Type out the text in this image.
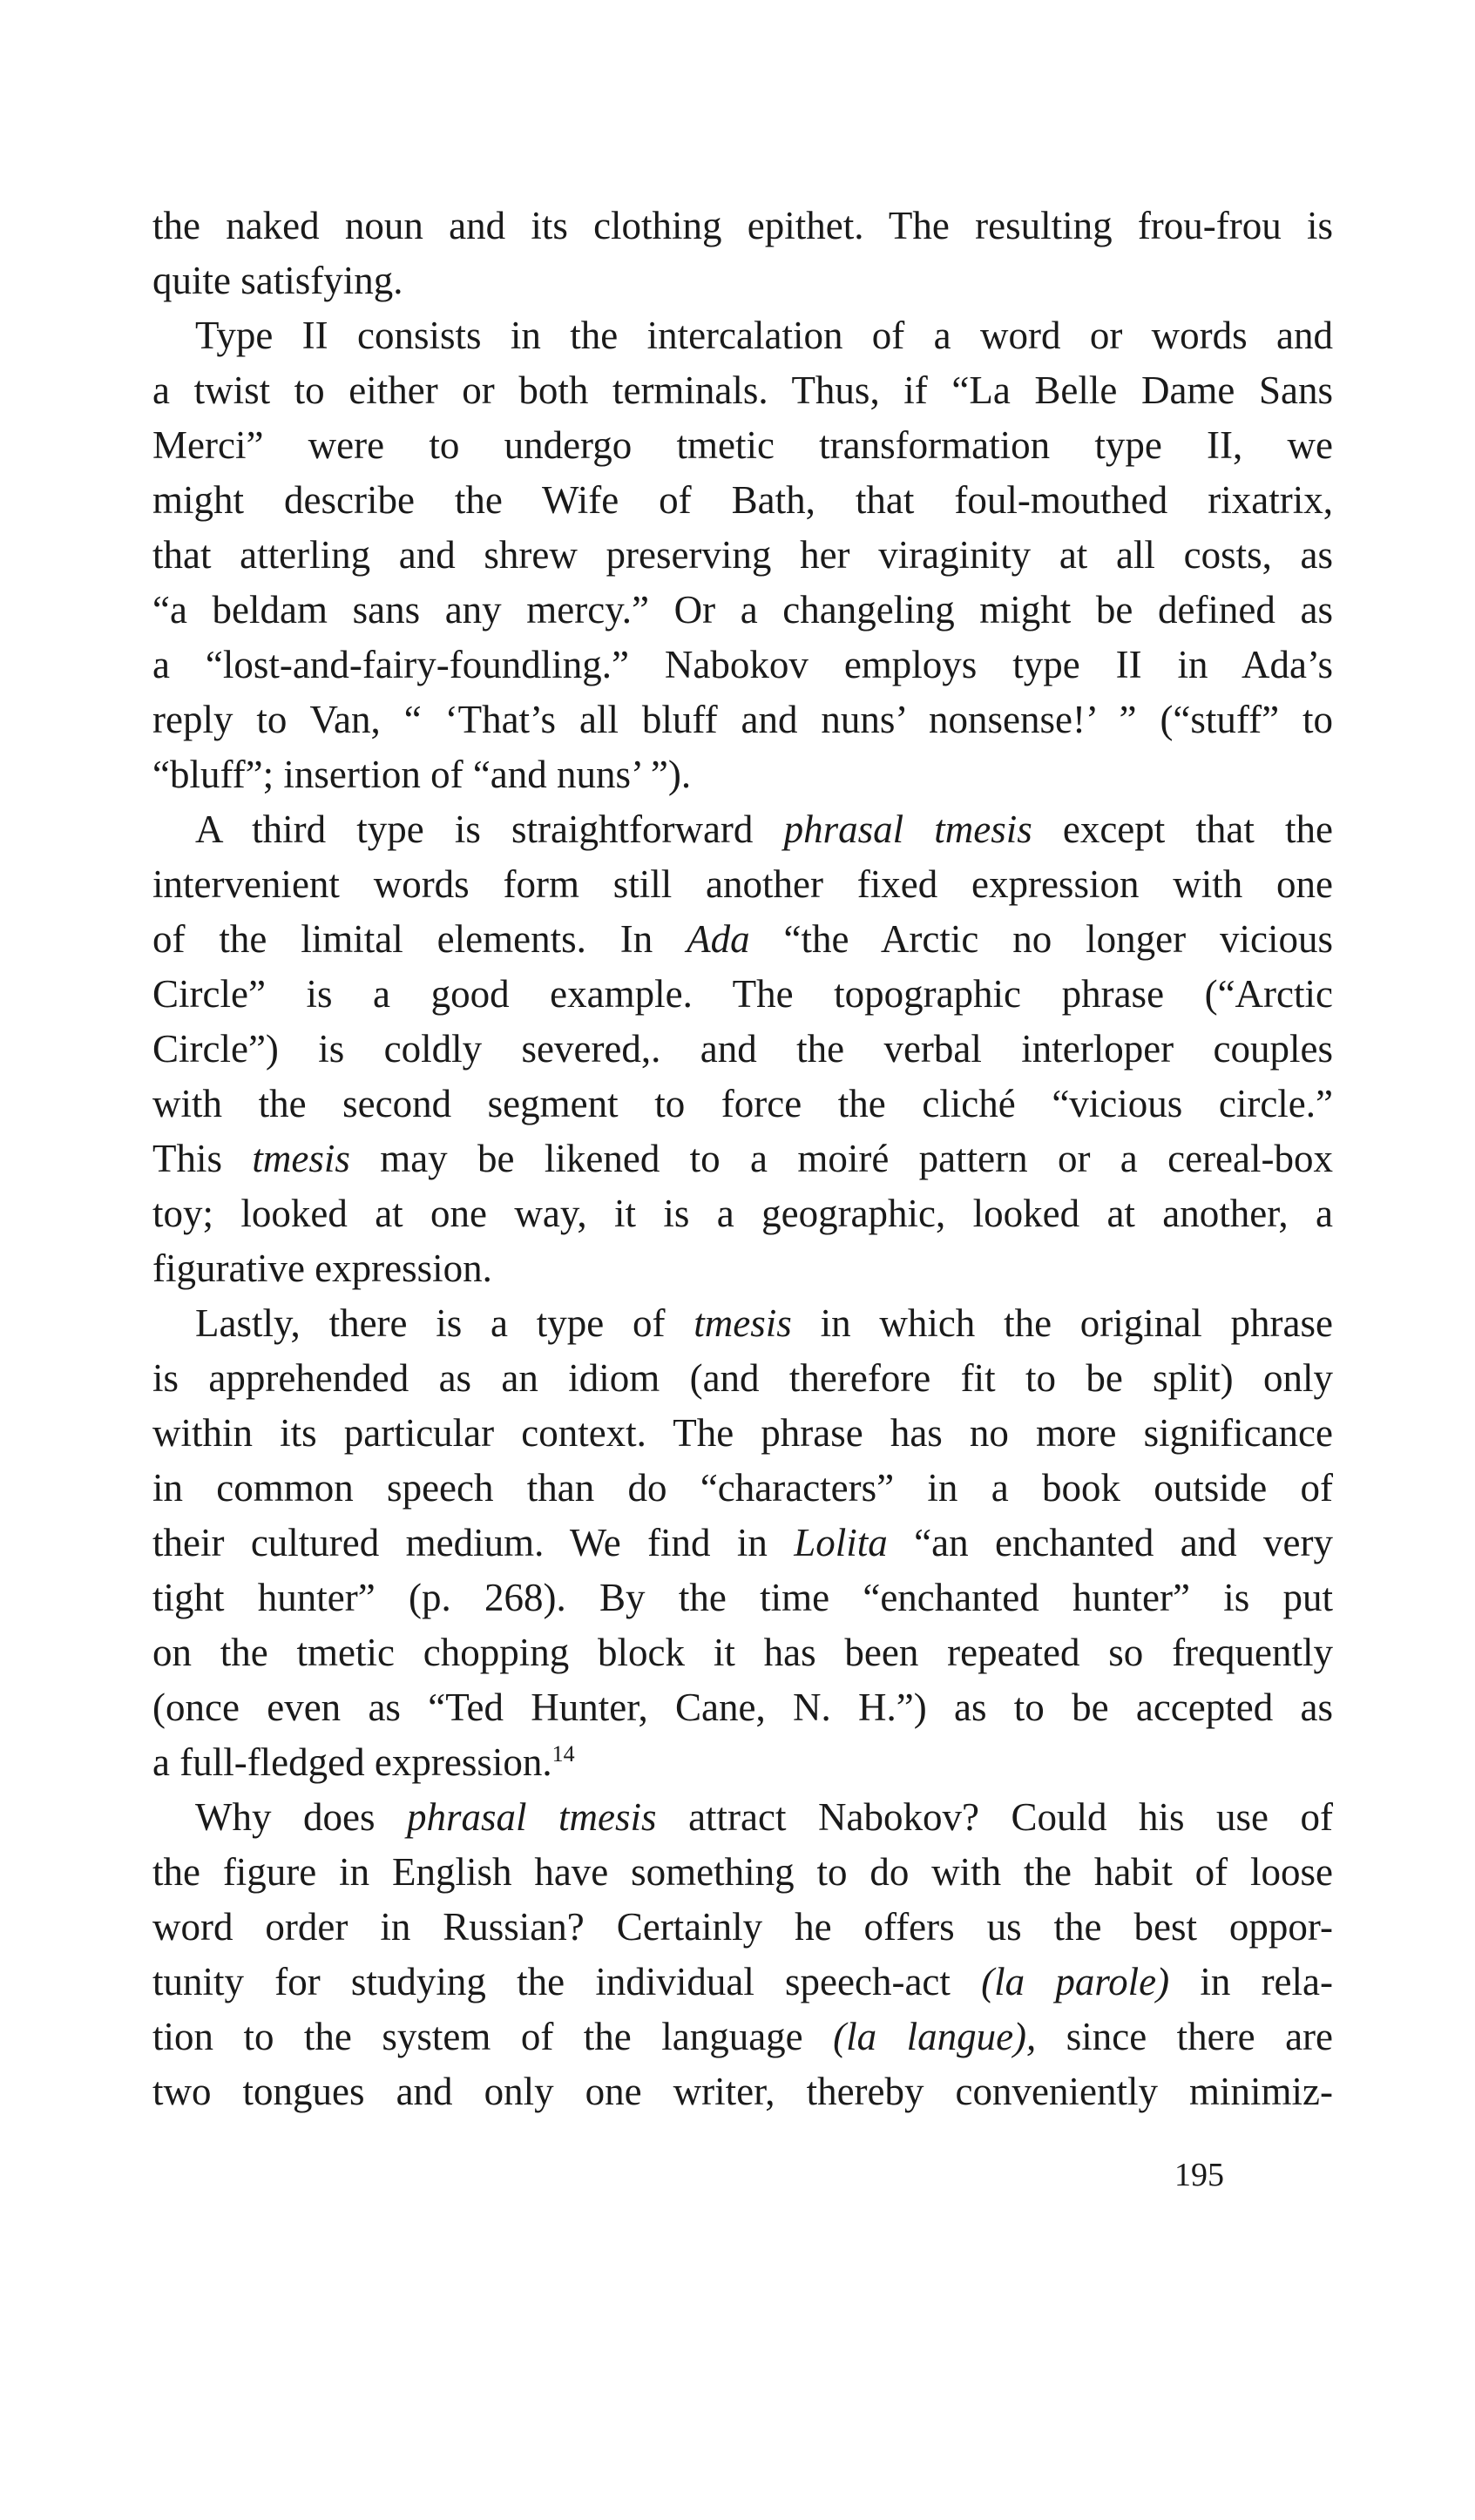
the naked noun and its clothing epithet. The resulting frou-frou is
quite satisfying.
Type II consists in the intercalation of a word or words and
a twist to either or both terminals. Thus, if “La Belle Dame Sans
Merci” were to undergo tmetic transformation type II, we
might describe the Wife of Bath, that foul-mouthed rixatrix,
that atterling and shrew preserving her viraginity at all costs, as
“a beldam sans any mercy.” Or a changeling might be defined as
a “lost-and-fairy-foundling.” Nabokov employs type II in Ada’s
reply to Van, “ ‘That’s all bluff and nuns’ nonsense!’ ” (“stuff” to
“bluff”; insertion of “and nuns’ ”).
A third type is straightforward phrasal tmesis except that the
intervenient words form still another fixed expression with one
of the limital elements. In Ada “the Arctic no longer vicious
Circle” is a good example. The topographic phrase (“Arctic
Circle”) is coldly severed,. and the verbal interloper couples
with the second segment to force the cliché “vicious circle.”
This tmesis may be likened to a moiré pattern or a cereal-box
toy; looked at one way, it is a geographic, looked at another, a
figurative expression.
Lastly, there is a type of tmesis in which the original phrase
is apprehended as an idiom (and therefore fit to be split) only
within its particular context. The phrase has no more significance
in common speech than do “characters” in a book outside of
their cultured medium. We find in Lolita “an enchanted and very
tight hunter” (p. 268). By the time “enchanted hunter” is put
on the tmetic chopping block it has been repeated so frequently
(once even as “Ted Hunter, Cane, N. H.”) as to be accepted as
a full-fledged expression.$^{14}$
Why does phrasal tmesis attract Nabokov? Could his use of
the figure in English have something to do with the habit of loose
word order in Russian? Certainly he offers us the best oppor-
tunity for studying the individual speech-act (la parole) in rela-
tion to the system of the language (la langue), since there are
two tongues and only one writer, thereby conveniently minimiz-
195
